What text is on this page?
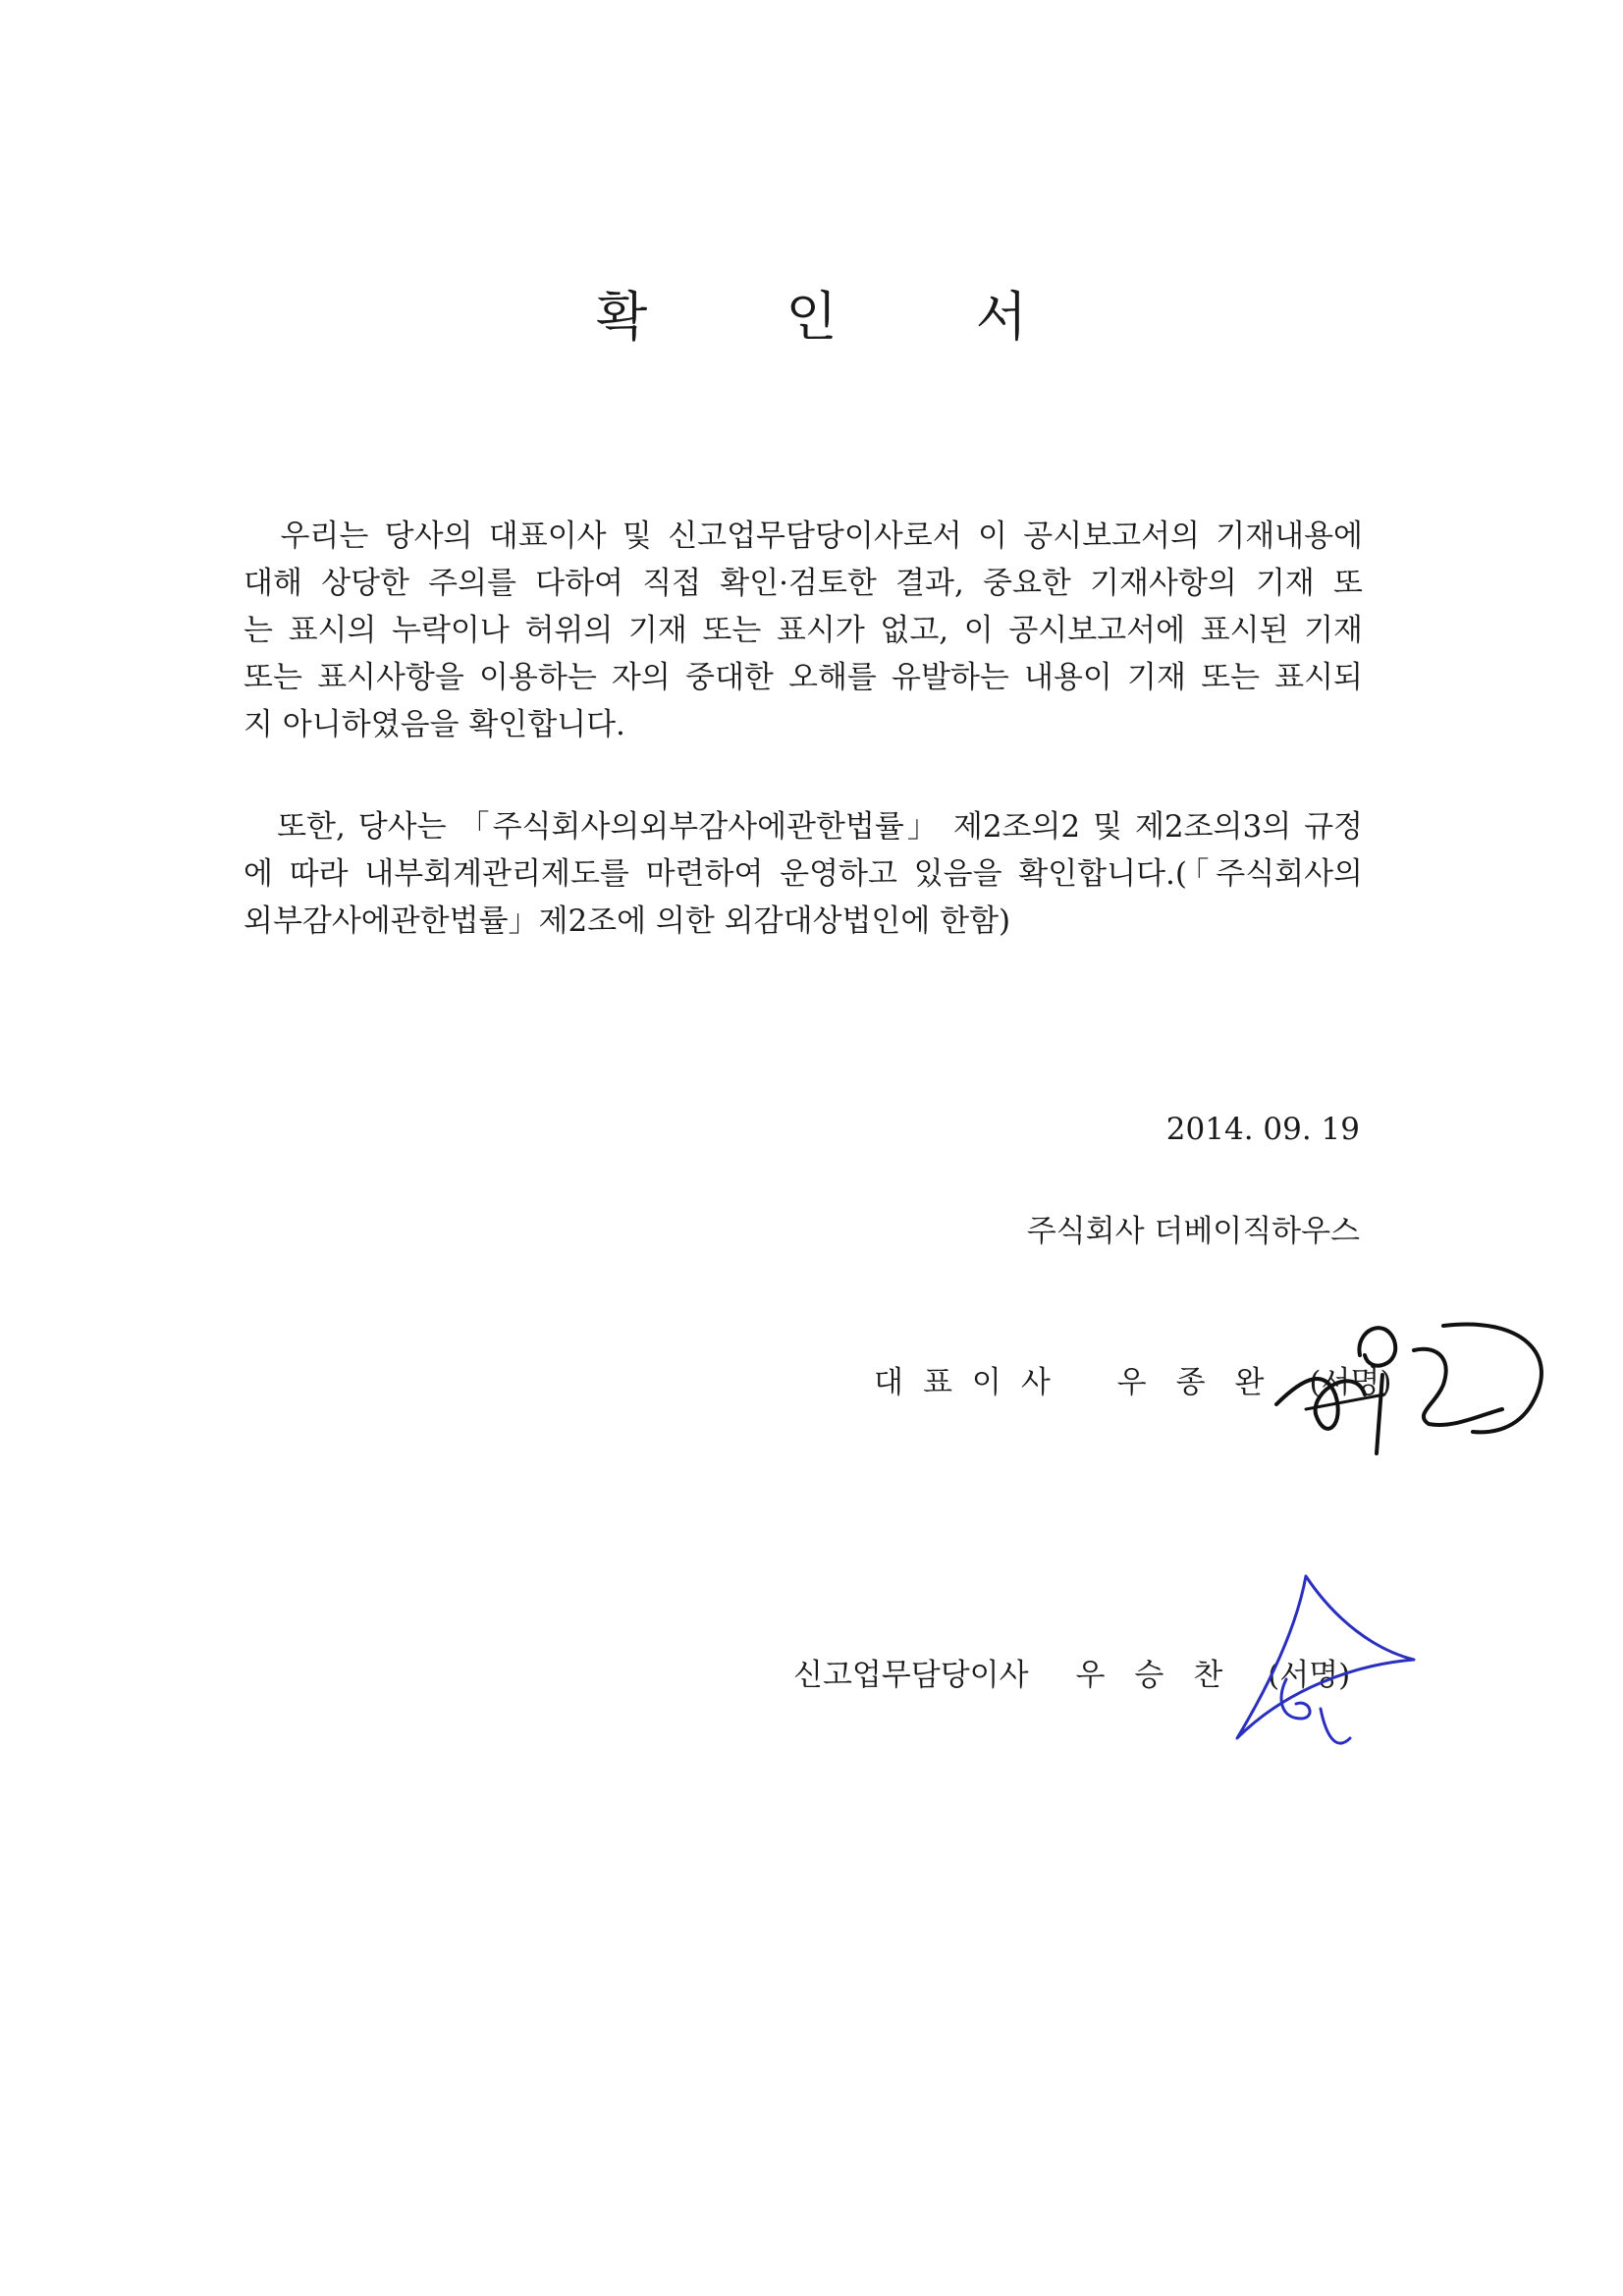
확 인 서
　우리는 당사의 대표이사 및 신고업무담당이사로서 이 공시보고서의 기재내용에
대해 상당한 주의를 다하여 직접 확인·검토한 결과, 중요한 기재사항의 기재 또
는 표시의 누락이나 허위의 기재 또는 표시가 없고, 이 공시보고서에 표시된 기재
또는 표시사항을 이용하는 자의 중대한 오해를 유발하는 내용이 기재 또는 표시되
지 아니하였음을 확인합니다.
　또한, 당사는 「주식회사의외부감사에관한법률」 제2조의2 및 제2조의3의 규정
에 따라 내부회계관리제도를 마련하여 운영하고 있음을 확인합니다.(「주식회사의
외부감사에관한법률」제2조에 의한 외감대상법인에 한함)
2014. 09. 19
주식회사 더베이직하우스
대표이사 우종완 (서명)
신고업무담당이사 우승찬 (서명)
